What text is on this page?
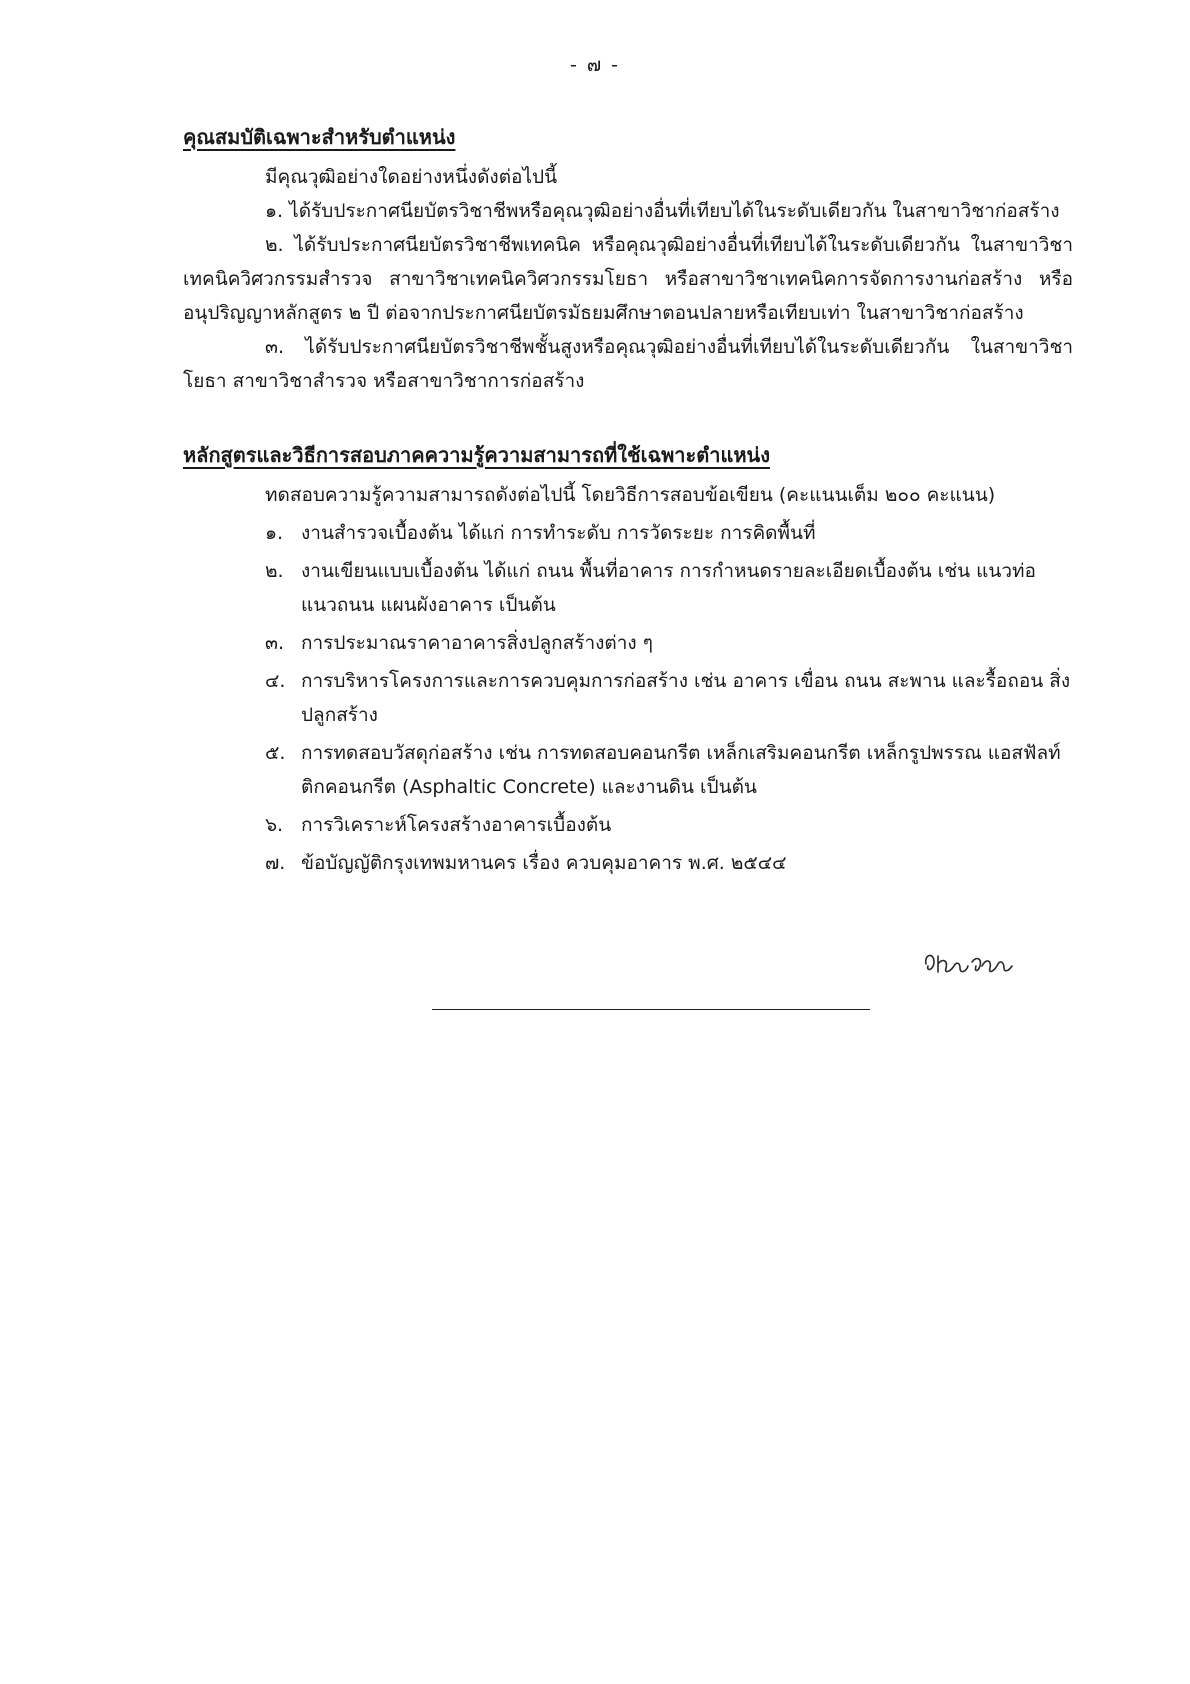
- ๗ -
คุณสมบัติเฉพาะสำหรับตำแหน่ง

มีคุณวุฒิอย่างใดอย่างหนึ่งดังต่อไปนี้

๑. ได้รับประกาศนียบัตรวิชาชีพหรือคุณวุฒิอย่างอื่นที่เทียบได้ในระดับเดียวกัน ในสาขาวิชาก่อสร้าง

๒. ได้รับประกาศนียบัตรวิชาชีพเทคนิค หรือคุณวุฒิอย่างอื่นที่เทียบได้ในระดับเดียวกัน ในสาขาวิชาเทคนิควิศวกรรมสำรวจ สาขาวิชาเทคนิควิศวกรรมโยธา หรือสาขาวิชาเทคนิคการจัดการงานก่อสร้าง หรืออนุปริญญาหลักสูตร ๒ ปี ต่อจากประกาศนียบัตรมัธยมศึกษาตอนปลายหรือเทียบเท่า ในสาขาวิชาก่อสร้าง

๓. ได้รับประกาศนียบัตรวิชาชีพชั้นสูงหรือคุณวุฒิอย่างอื่นที่เทียบได้ในระดับเดียวกัน ในสาขาวิชาโยธา สาขาวิชาสำรวจ หรือสาขาวิชาการก่อสร้าง

หลักสูตรและวิธีการสอบภาคความรู้ความสามารถที่ใช้เฉพาะตำแหน่ง

ทดสอบความรู้ความสามารถดังต่อไปนี้ โดยวิธีการสอบข้อเขียน (คะแนนเต็ม ๒๐๐ คะแนน)

๑. งานสำรวจเบื้องต้น ได้แก่ การทำระดับ การวัดระยะ การคิดพื้นที่
๒. งานเขียนแบบเบื้องต้น ได้แก่ ถนน พื้นที่อาคาร การกำหนดรายละเอียดเบื้องต้น เช่น แนวท่อ แนวถนน แผนผังอาคาร เป็นต้น
๓. การประมาณราคาอาคารสิ่งปลูกสร้างต่าง ๆ
๔. การบริหารโครงการและการควบคุมการก่อสร้าง เช่น อาคาร เขื่อน ถนน สะพาน และรื้อถอน สิ่งปลูกสร้าง
๕. การทดสอบวัสดุก่อสร้าง เช่น การทดสอบคอนกรีต เหล็กเสริมคอนกรีต เหล็กรูปพรรณ แอสฟัลท์ติกคอนกรีต (Asphaltic Concrete) และงานดิน เป็นต้น
๖. การวิเคราะห์โครงสร้างอาคารเบื้องต้น
๗. ข้อบัญญัติกรุงเทพมหานคร เรื่อง ควบคุมอาคาร พ.ศ. ๒๕๔๔
